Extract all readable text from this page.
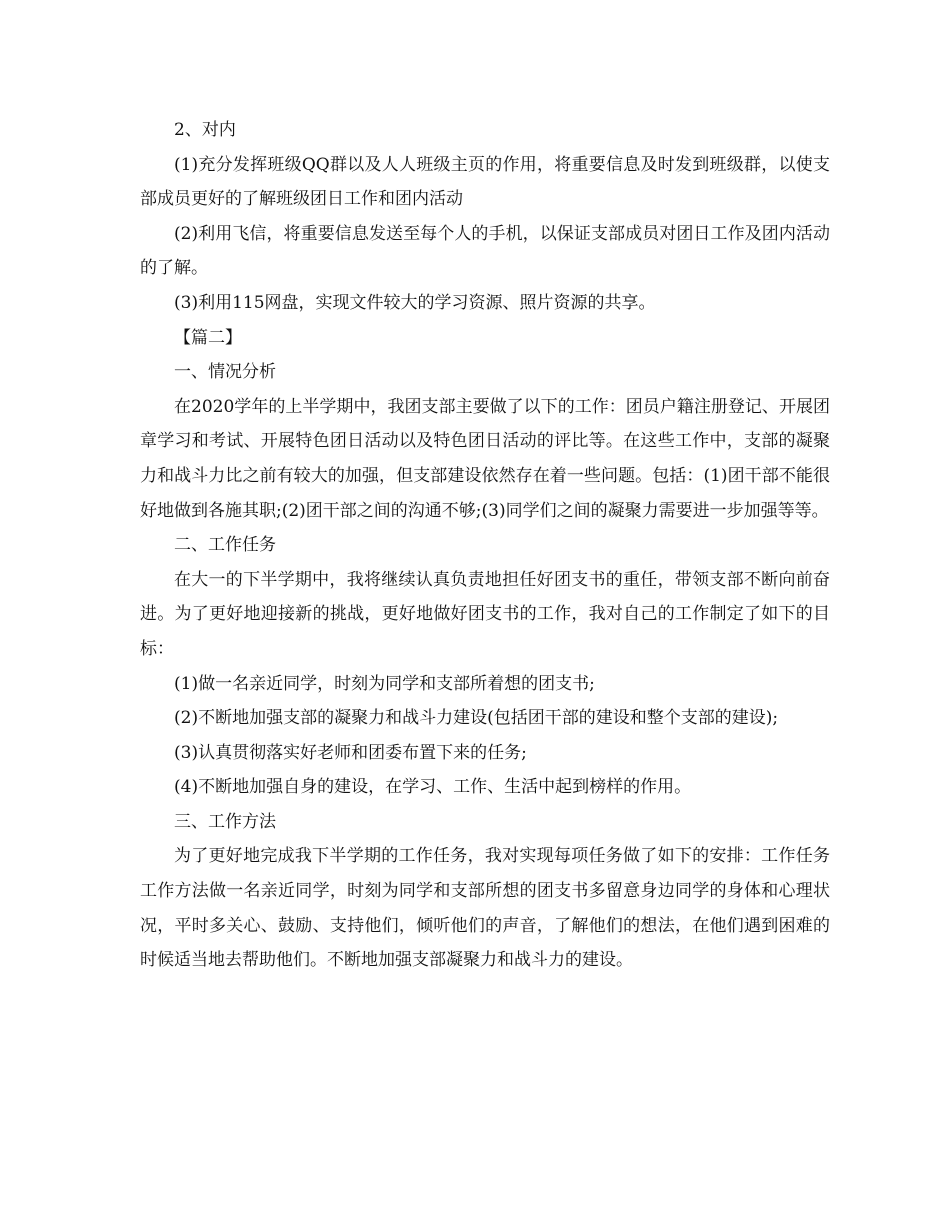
2、对内

(1)充分发挥班级QQ群以及人人班级主页的作用，将重要信息及时发到班级群，以使支部成员更好的了解班级团日工作和团内活动

(2)利用飞信，将重要信息发送至每个人的手机，以保证支部成员对团日工作及团内活动的了解。

(3)利用115网盘，实现文件较大的学习资源、照片资源的共享。

【篇二】

一、情况分析

在2020学年的上半学期中，我团支部主要做了以下的工作：团员户籍注册登记、开展团章学习和考试、开展特色团日活动以及特色团日活动的评比等。在这些工作中，支部的凝聚力和战斗力比之前有较大的加强，但支部建设依然存在着一些问题。包括：(1)团干部不能很好地做到各施其职;(2)团干部之间的沟通不够;(3)同学们之间的凝聚力需要进一步加强等等。

二、工作任务

在大一的下半学期中，我将继续认真负责地担任好团支书的重任，带领支部不断向前奋进。为了更好地迎接新的挑战，更好地做好团支书的工作，我对自己的工作制定了如下的目标：

(1)做一名亲近同学，时刻为同学和支部所着想的团支书;

(2)不断地加强支部的凝聚力和战斗力建设(包括团干部的建设和整个支部的建设);

(3)认真贯彻落实好老师和团委布置下来的任务;

(4)不断地加强自身的建设，在学习、工作、生活中起到榜样的作用。

三、工作方法

为了更好地完成我下半学期的工作任务，我对实现每项任务做了如下的安排：工作任务工作方法做一名亲近同学，时刻为同学和支部所想的团支书多留意身边同学的身体和心理状况，平时多关心、鼓励、支持他们，倾听他们的声音，了解他们的想法，在他们遇到困难的时候适当地去帮助他们。不断地加强支部凝聚力和战斗力的建设。
